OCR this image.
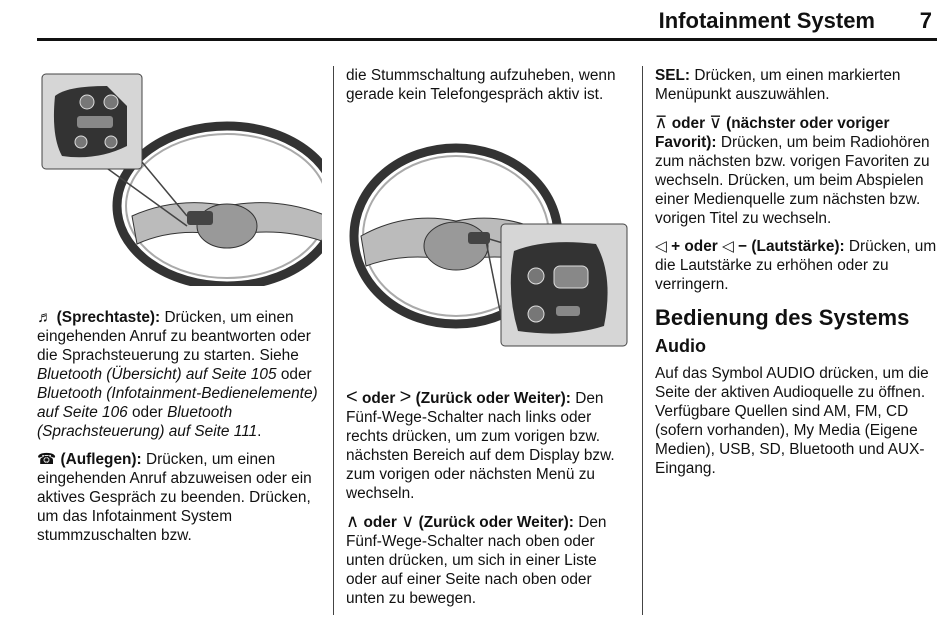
Infotainment System 7

♬ (Sprechtaste): Drücken, um einen eingehenden Anruf zu beantworten oder die Sprachsteuerung zu starten. Siehe Bluetooth (Übersicht) auf Seite 105 oder Bluetooth (Infotainment-Bedienelemente) auf Seite 106 oder Bluetooth (Sprachsteuerung) auf Seite 111.

☎ (Auflegen): Drücken, um einen eingehenden Anruf abzuweisen oder ein aktives Gespräch zu beenden. Drücken, um das Infotainment System stummzuschalten bzw.

die Stummschaltung aufzuheben, wenn gerade kein Telefongespräch aktiv ist.

< oder > (Zurück oder Weiter): Den Fünf-Wege-Schalter nach links oder rechts drücken, um zum vorigen bzw. nächsten Bereich auf dem Display bzw. zum vorigen oder nächsten Menü zu wechseln.

∧ oder ∨ (Zurück oder Weiter): Den Fünf-Wege-Schalter nach oben oder unten drücken, um sich in einer Liste oder auf einer Seite nach oben oder unten zu bewegen.

SEL: Drücken, um einen markierten Menüpunkt auszuwählen.

⊼ oder ⊽ (nächster oder voriger Favorit): Drücken, um beim Radiohören zum nächsten bzw. vorigen Favoriten zu wechseln. Drücken, um beim Abspielen einer Medienquelle zum nächsten bzw. vorigen Titel zu wechseln.

◁ + oder ◁ − (Lautstärke): Drücken, um die Lautstärke zu erhöhen oder zu verringern.

Bedienung des Systems
Audio

Auf das Symbol AUDIO drücken, um die Seite der aktiven Audioquelle zu öffnen. Verfügbare Quellen sind AM, FM, CD (sofern vorhanden), My Media (Eigene Medien), USB, SD, Bluetooth und AUX- Eingang.
